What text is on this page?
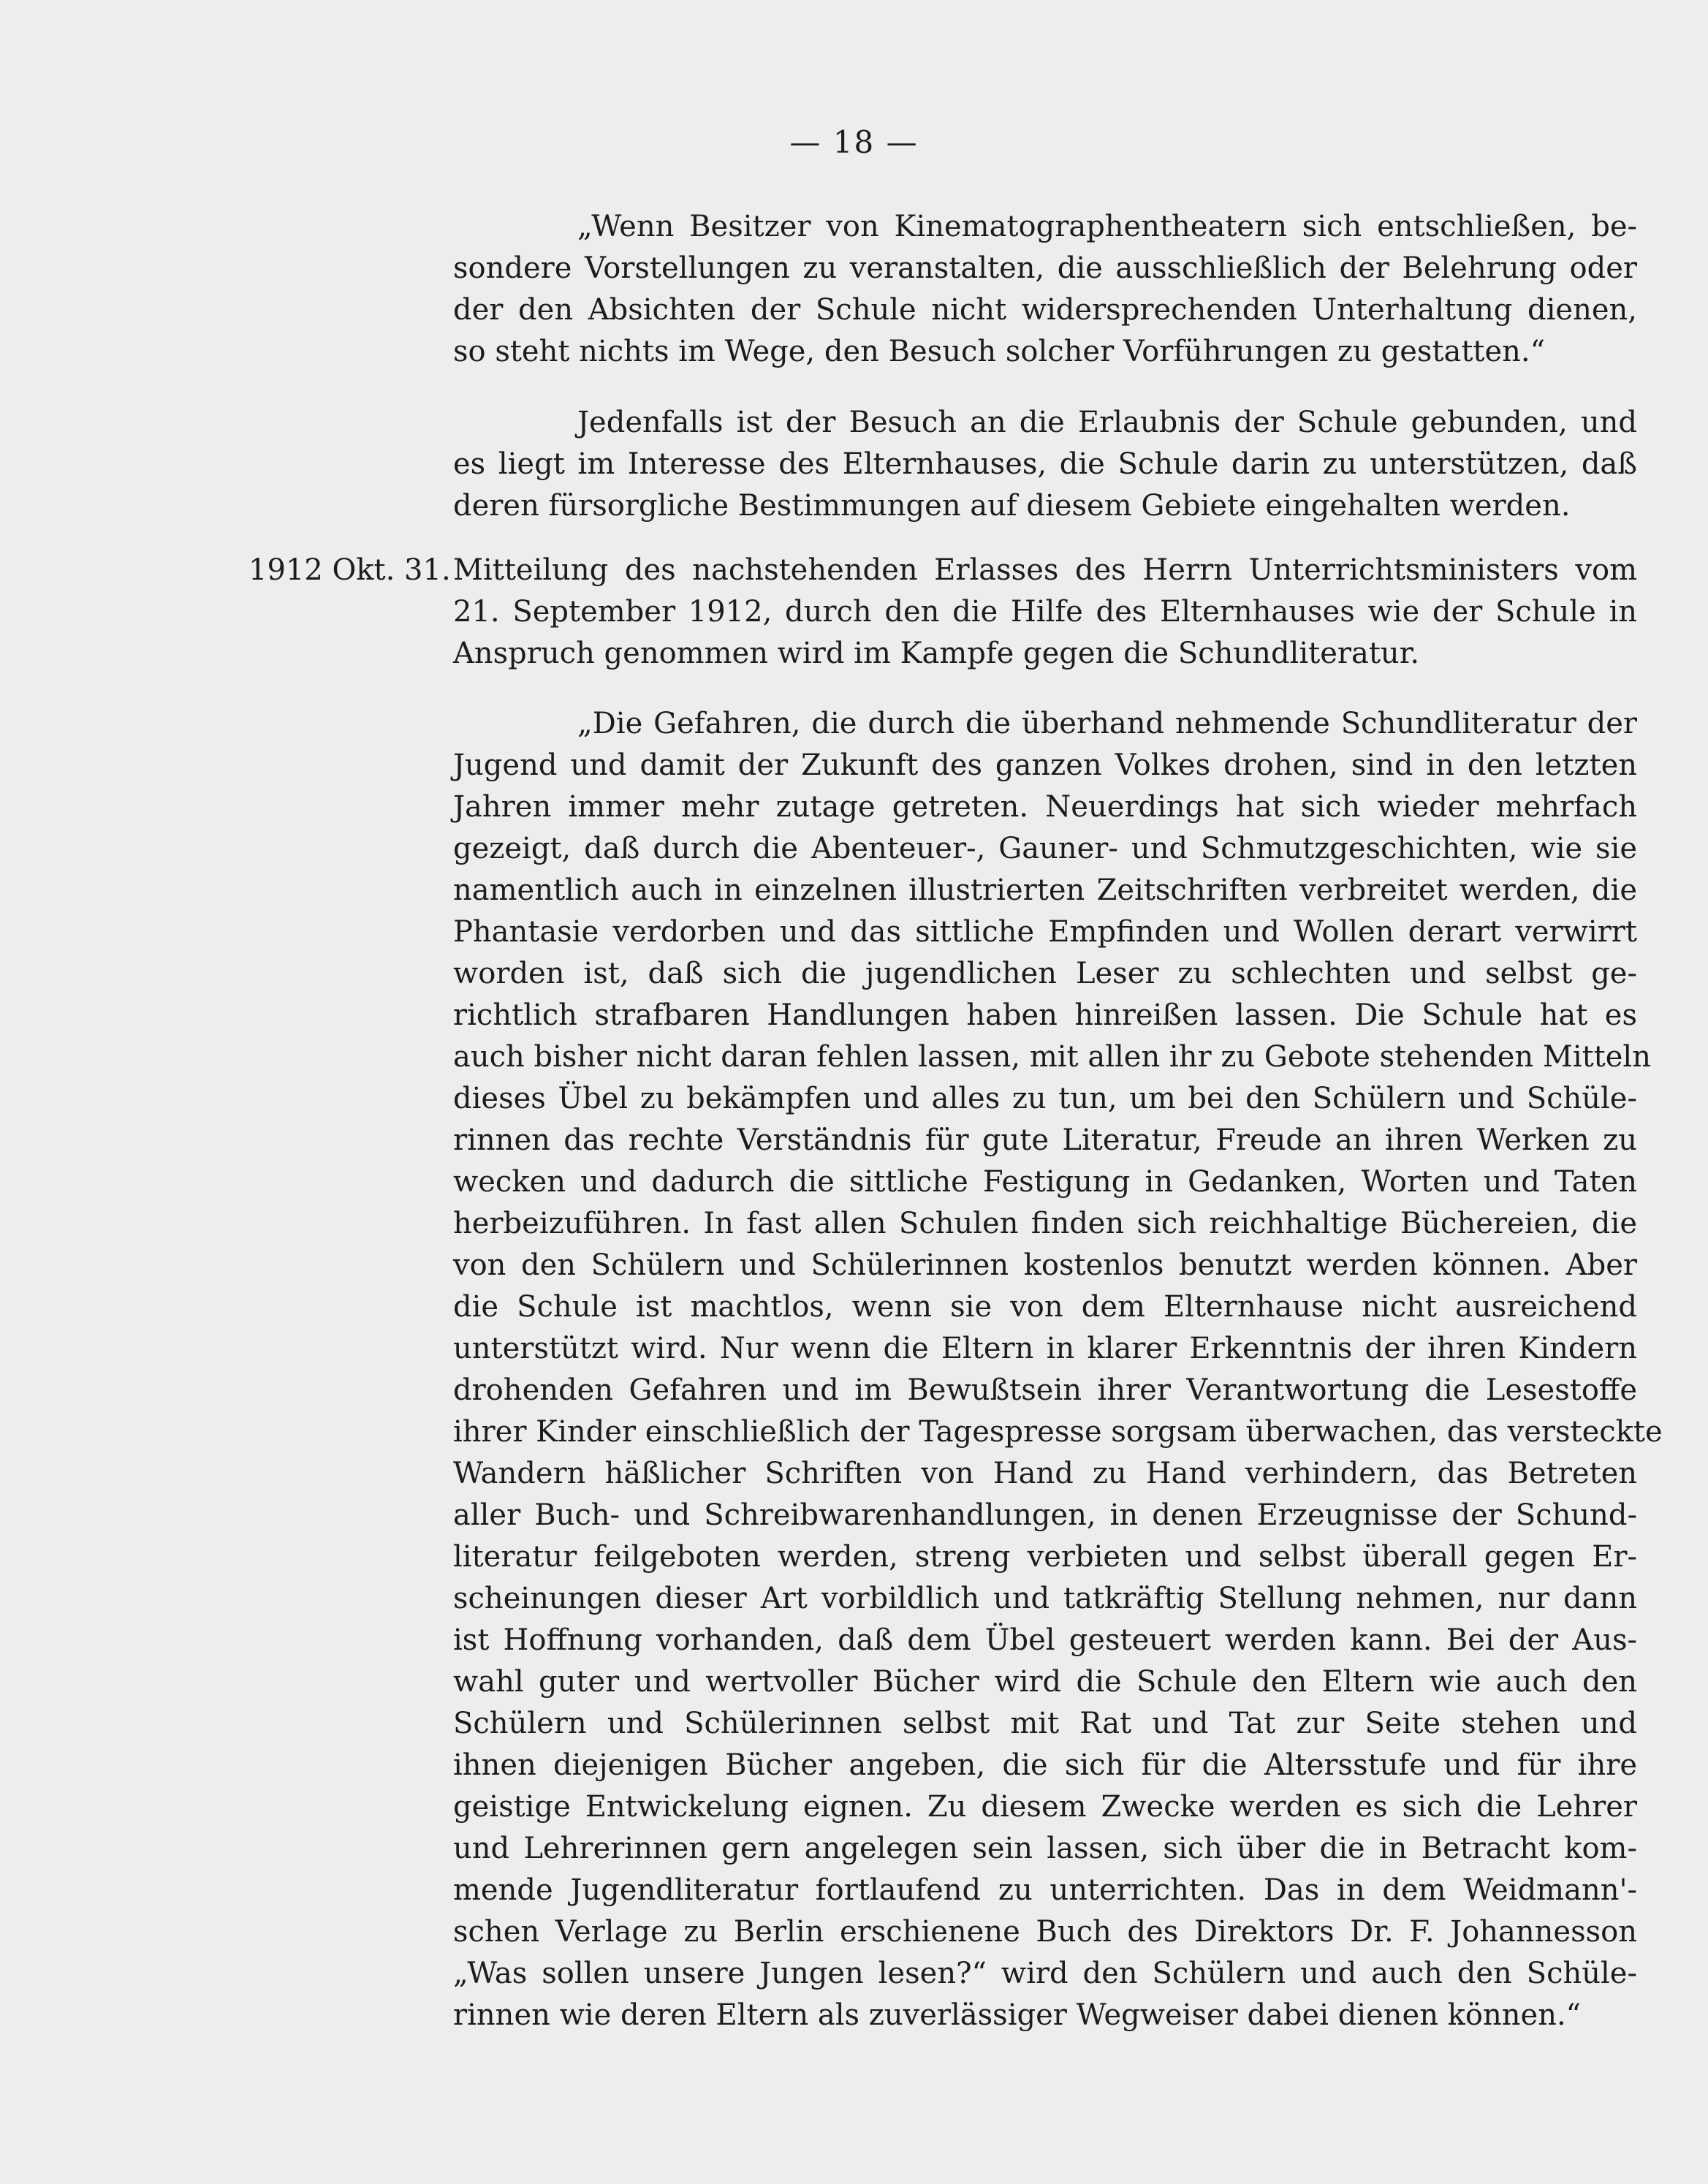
— 18 —
„Wenn Besitzer von Kinematographentheatern sich entschließen, be-
sondere Vorstellungen zu veranstalten, die ausschließlich der Belehrung oder
der den Absichten der Schule nicht widersprechenden Unterhaltung dienen,
so steht nichts im Wege, den Besuch solcher Vorführungen zu gestatten.“
Jedenfalls ist der Besuch an die Erlaubnis der Schule gebunden, und
es liegt im Interesse des Elternhauses, die Schule darin zu unterstützen, daß
deren fürsorgliche Bestimmungen auf diesem Gebiete eingehalten werden.
1912 Okt. 31. Mitteilung des nachstehenden Erlasses des Herrn Unterrichtsministers vom
21. September 1912, durch den die Hilfe des Elternhauses wie der Schule in
Anspruch genommen wird im Kampfe gegen die Schundliteratur.
„Die Gefahren, die durch die überhand nehmende Schundliteratur der
Jugend und damit der Zukunft des ganzen Volkes drohen, sind in den letzten
Jahren immer mehr zutage getreten. Neuerdings hat sich wieder mehrfach
gezeigt, daß durch die Abenteuer-, Gauner- und Schmutzgeschichten, wie sie
namentlich auch in einzelnen illustrierten Zeitschriften verbreitet werden, die
Phantasie verdorben und das sittliche Empfinden und Wollen derart verwirrt
worden ist, daß sich die jugendlichen Leser zu schlechten und selbst ge-
richtlich strafbaren Handlungen haben hinreißen lassen. Die Schule hat es
auch bisher nicht daran fehlen lassen, mit allen ihr zu Gebote stehenden Mitteln
dieses Übel zu bekämpfen und alles zu tun, um bei den Schülern und Schüle-
rinnen das rechte Verständnis für gute Literatur, Freude an ihren Werken zu
wecken und dadurch die sittliche Festigung in Gedanken, Worten und Taten
herbeizuführen. In fast allen Schulen finden sich reichhaltige Büchereien, die
von den Schülern und Schülerinnen kostenlos benutzt werden können. Aber
die Schule ist machtlos, wenn sie von dem Elternhause nicht ausreichend
unterstützt wird. Nur wenn die Eltern in klarer Erkenntnis der ihren Kindern
drohenden Gefahren und im Bewußtsein ihrer Verantwortung die Lesestoffe
ihrer Kinder einschließlich der Tagespresse sorgsam überwachen, das versteckte
Wandern häßlicher Schriften von Hand zu Hand verhindern, das Betreten
aller Buch- und Schreibwarenhandlungen, in denen Erzeugnisse der Schund-
literatur feilgeboten werden, streng verbieten und selbst überall gegen Er-
scheinungen dieser Art vorbildlich und tatkräftig Stellung nehmen, nur dann
ist Hoffnung vorhanden, daß dem Übel gesteuert werden kann. Bei der Aus-
wahl guter und wertvoller Bücher wird die Schule den Eltern wie auch den
Schülern und Schülerinnen selbst mit Rat und Tat zur Seite stehen und
ihnen diejenigen Bücher angeben, die sich für die Altersstufe und für ihre
geistige Entwickelung eignen. Zu diesem Zwecke werden es sich die Lehrer
und Lehrerinnen gern angelegen sein lassen, sich über die in Betracht kom-
mende Jugendliteratur fortlaufend zu unterrichten. Das in dem Weidmann'-
schen Verlage zu Berlin erschienene Buch des Direktors Dr. F. Johannesson
„Was sollen unsere Jungen lesen?“ wird den Schülern und auch den Schüle-
rinnen wie deren Eltern als zuverlässiger Wegweiser dabei dienen können.“
